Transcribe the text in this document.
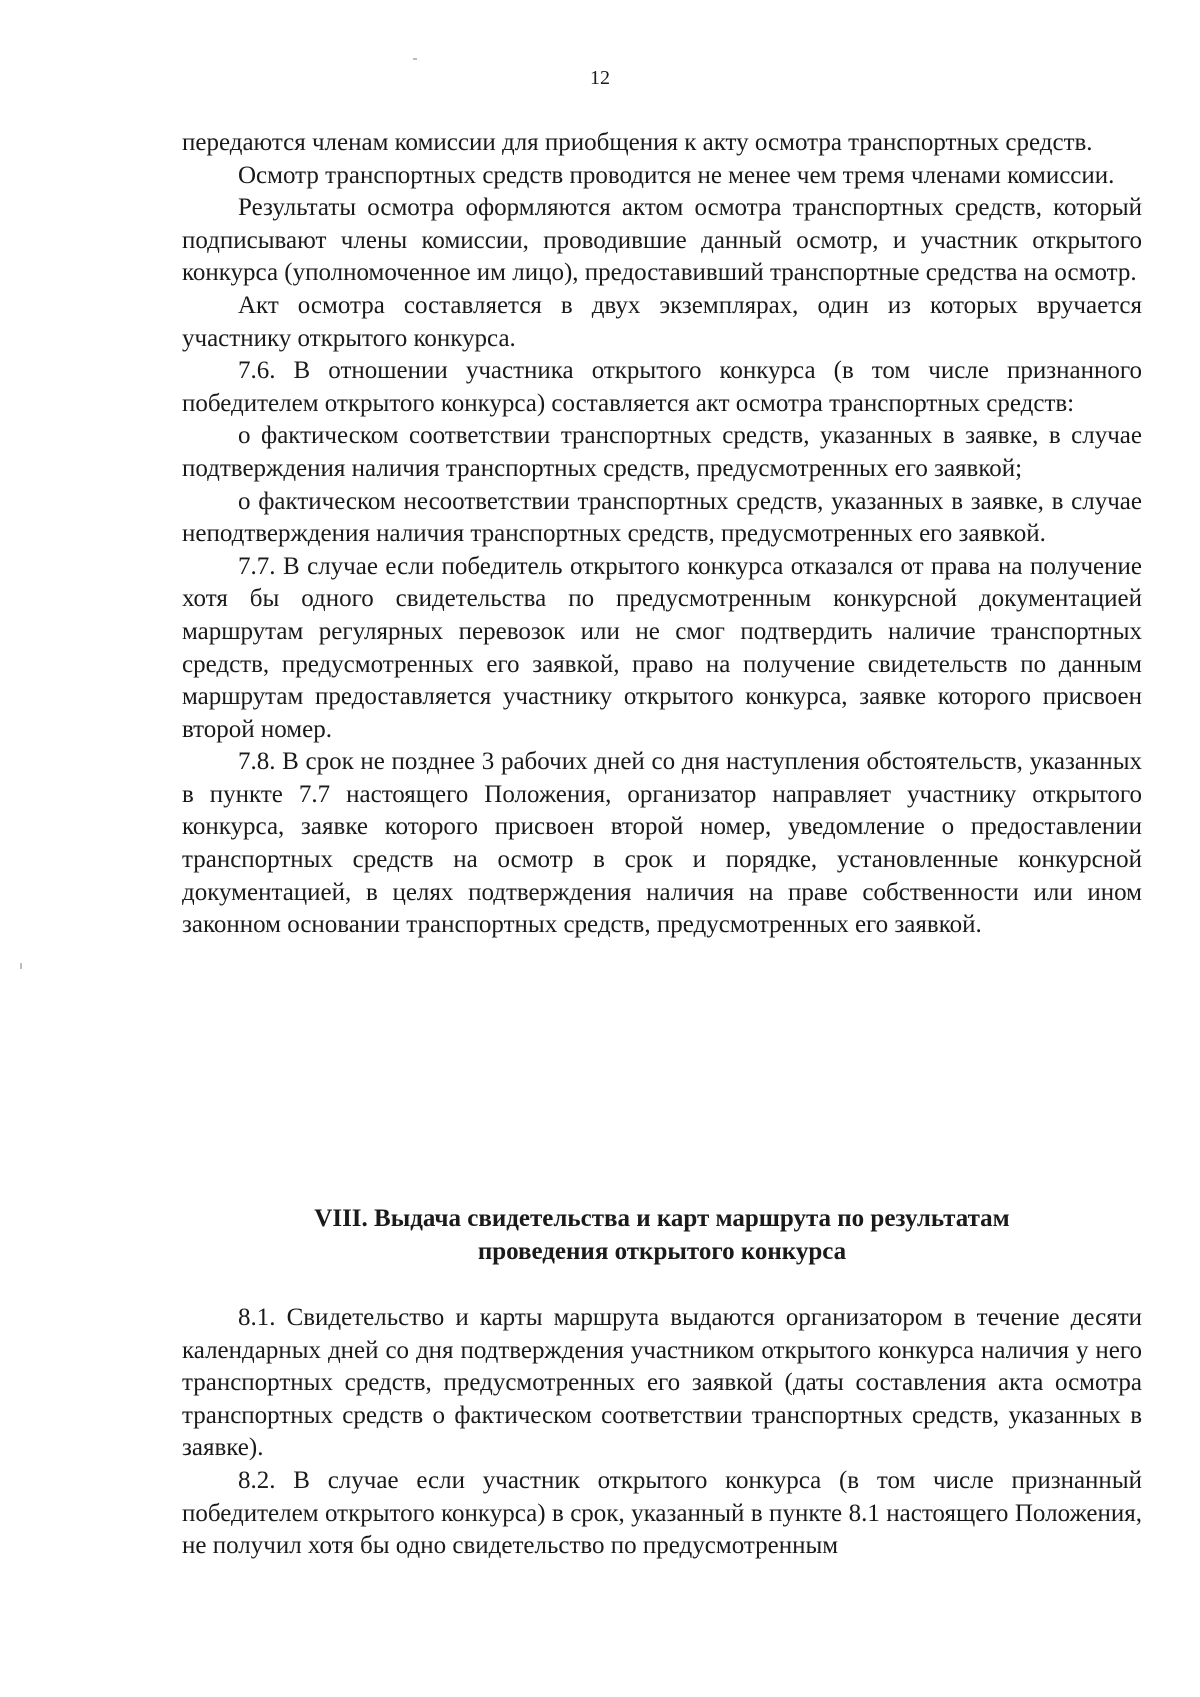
12

передаются членам комиссии для приобщения к акту осмотра транспортных средств.

Осмотр транспортных средств проводится не менее чем тремя членами комиссии.

Результаты осмотра оформляются актом осмотра транспортных средств, который подписывают члены комиссии, проводившие данный осмотр, и участник открытого конкурса (уполномоченное им лицо), предоставивший транспортные средства на осмотр.

Акт осмотра составляется в двух экземплярах, один из которых вручается участнику открытого конкурса.

7.6. В отношении участника открытого конкурса (в том числе признанного победителем открытого конкурса) составляется акт осмотра транспортных средств:

о фактическом соответствии транспортных средств, указанных в заявке, в случае подтверждения наличия транспортных средств, предусмотренных его заявкой;

о фактическом несоответствии транспортных средств, указанных в заявке, в случае неподтверждения наличия транспортных средств, предусмотренных его заявкой.

7.7. В случае если победитель открытого конкурса отказался от права на получение хотя бы одного свидетельства по предусмотренным конкурсной документацией маршрутам регулярных перевозок или не смог подтвердить наличие транспортных средств, предусмотренных его заявкой, право на получение свидетельств по данным маршрутам предоставляется участнику открытого конкурса, заявке которого присвоен второй номер.

7.8. В срок не позднее 3 рабочих дней со дня наступления обстоятельств, указанных в пункте 7.7 настоящего Положения, организатор направляет участнику открытого конкурса, заявке которого присвоен второй номер, уведомление о предоставлении транспортных средств на осмотр в срок и порядке, установленные конкурсной документацией, в целях подтверждения наличия на праве собственности или ином законном основании транспортных средств, предусмотренных его заявкой.

VIII. Выдача свидетельства и карт маршрута по результатам
проведения открытого конкурса

8.1. Свидетельство и карты маршрута выдаются организатором в течение десяти календарных дней со дня подтверждения участником открытого конкурса наличия у него транспортных средств, предусмотренных его заявкой (даты составления акта осмотра транспортных средств о фактическом соответствии транспортных средств, указанных в заявке).

8.2. В случае если участник открытого конкурса (в том числе признанный победителем открытого конкурса) в срок, указанный в пункте 8.1 настоящего Положения, не получил хотя бы одно свидетельство по предусмотренным
